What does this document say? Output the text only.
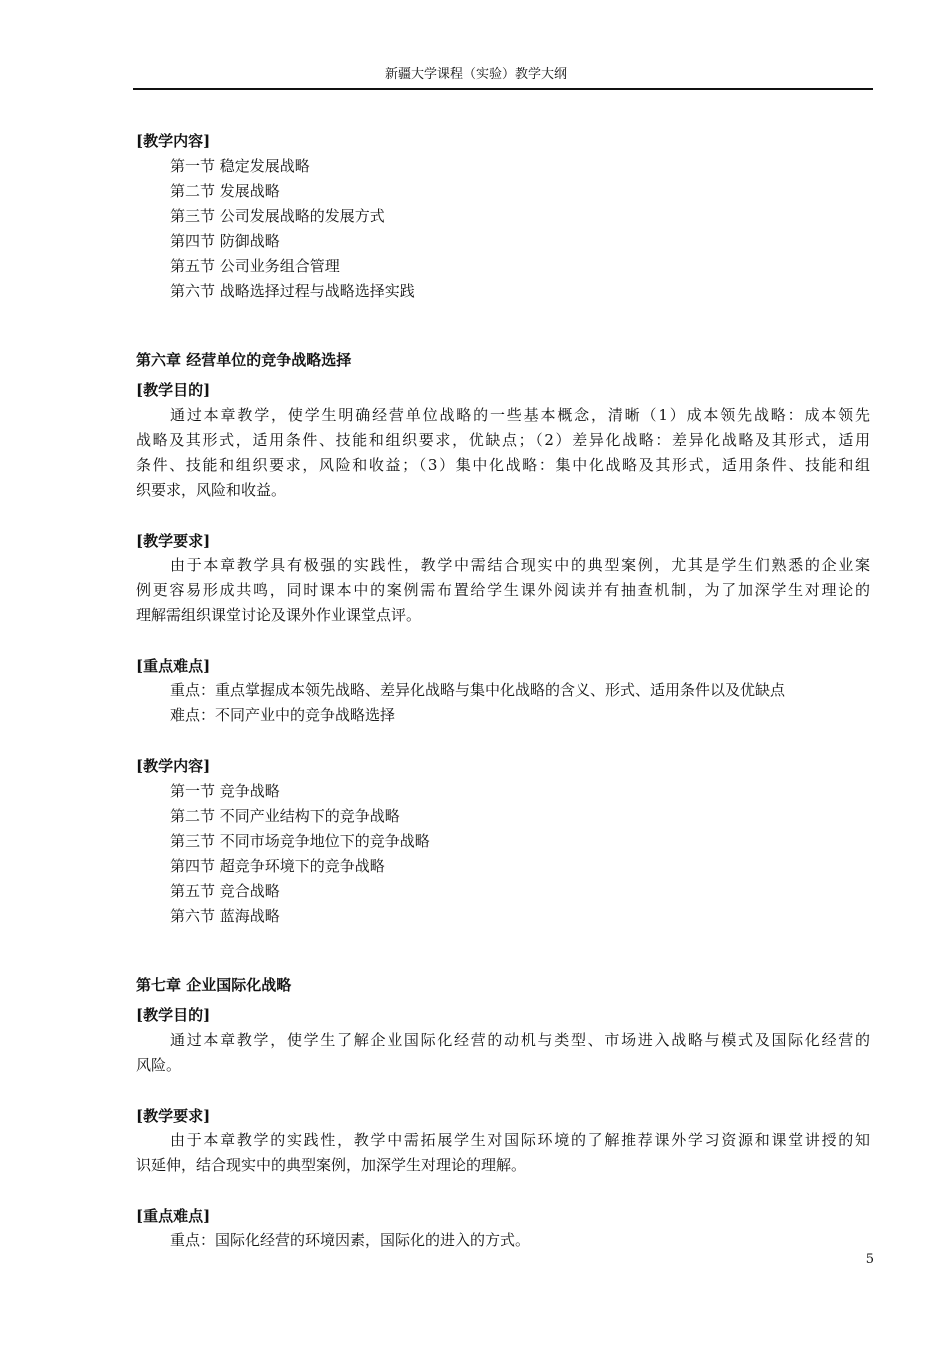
新疆大学课程（实验）教学大纲
[教学内容]
第一节 稳定发展战略
第二节 发展战略
第三节 公司发展战略的发展方式
第四节 防御战略
第五节 公司业务组合管理
第六节 战略选择过程与战略选择实践
第六章 经营单位的竞争战略选择
[教学目的]
通过本章教学，使学生明确经营单位战略的一些基本概念，清晰（1）成本领先战略：成本领先
战略及其形式，适用条件、技能和组织要求，优缺点；（2）差异化战略：差异化战略及其形式，适用
条件、技能和组织要求，风险和收益；（3）集中化战略：集中化战略及其形式，适用条件、技能和组
织要求，风险和收益。
[教学要求]
由于本章教学具有极强的实践性，教学中需结合现实中的典型案例，尤其是学生们熟悉的企业案
例更容易形成共鸣，同时课本中的案例需布置给学生课外阅读并有抽查机制，为了加深学生对理论的
理解需组织课堂讨论及课外作业课堂点评。
[重点难点]
重点：重点掌握成本领先战略、差异化战略与集中化战略的含义、形式、适用条件以及优缺点
难点：不同产业中的竞争战略选择
[教学内容]
第一节 竞争战略
第二节 不同产业结构下的竞争战略
第三节 不同市场竞争地位下的竞争战略
第四节 超竞争环境下的竞争战略
第五节 竞合战略
第六节 蓝海战略
第七章 企业国际化战略
[教学目的]
通过本章教学，使学生了解企业国际化经营的动机与类型、市场进入战略与模式及国际化经营的
风险。
[教学要求]
由于本章教学的实践性，教学中需拓展学生对国际环境的了解推荐课外学习资源和课堂讲授的知
识延伸，结合现实中的典型案例，加深学生对理论的理解。
[重点难点]
重点：国际化经营的环境因素，国际化的进入的方式。
5
